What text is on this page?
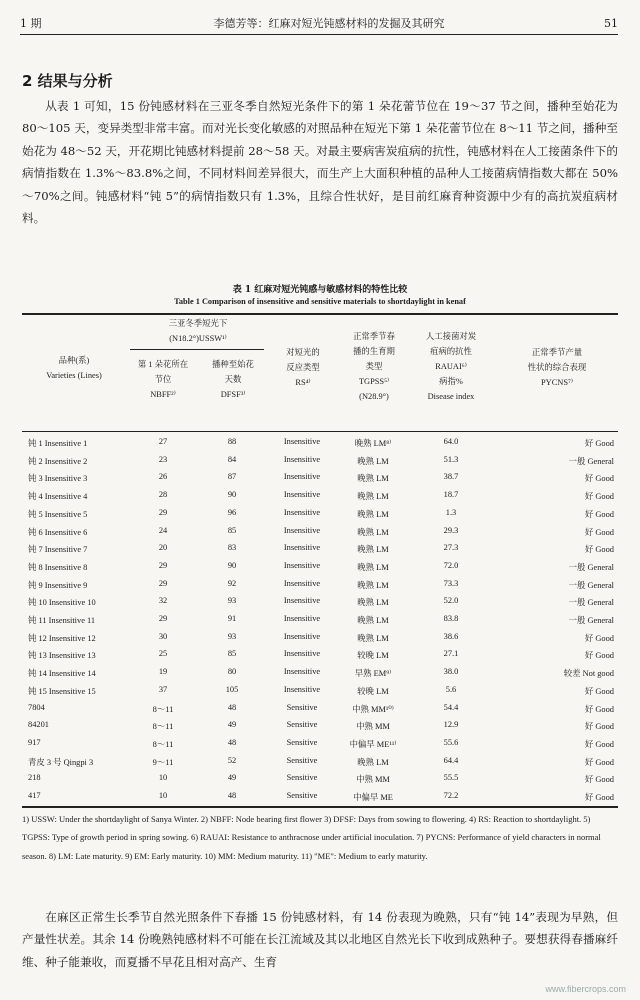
1 期	李德芳等：红麻对短光钝感材料的发掘及其研究	51
2 结果与分析
从表 1 可知，15 份钝感材料在三亚冬季自然短光条件下的第 1 朵花蕾节位在 19～37 节之间，播种至始花为 80～105 天，变异类型非常丰富。而对光长变化敏感的对照品种在短光下第 1 朵花蕾节位在 8～11 节之间，播种至始花为 48～52 天，开花期比钝感材料提前 28～58 天。对最主要病害炭疽病的抗性，钝感材料在人工接菌条件下的病情指数在 1.3%～83.8%之间，不同材料间差异很大，而生产上大面积种植的品种人工接菌病情指数大都在 50%～70%之间。钝感材料“钝 5”的病情指数只有 1.3%，且综合性状好，是目前红麻育种资源中少有的高抗炭疽病材料。
表 1 红麻对短光钝感与敏感材料的特性比较
Table 1 Comparison of insensitive and sensitive materials to shortdaylight in kenaf
品种(系)
Varieties (Lines)
三亚冬季短光下
(N18.2°)USSW¹⁾
第 1 朵花所在
节位
NBFF²⁾
播种至始花
天数
DFSF³⁾
对短光的
反应类型
RS⁴⁾
正常季节春
播的生育期
类型
TGPSS⁵⁾
(N28.9°)
人工接菌对炭
疽病的抗性
RAUAI⁶⁾
病指%
Disease index
正常季节产量
性状的综合表现
PYCNS⁷⁾
钝 1 Insensitive 1	27	88	Insensitive	晚熟 LM⁸⁾	64.0	好 Good
钝 2 Insensitive 2	23	84	Insensitive	晚熟 LM	51.3	一般 General
钝 3 Insensitive 3	26	87	Insensitive	晚熟 LM	38.7	好 Good
钝 4 Insensitive 4	28	90	Insensitive	晚熟 LM	18.7	好 Good
钝 5 Insensitive 5	29	96	Insensitive	晚熟 LM	1.3	好 Good
钝 6 Insensitive 6	24	85	Insensitive	晚熟 LM	29.3	好 Good
钝 7 Insensitive 7	20	83	Insensitive	晚熟 LM	27.3	好 Good
钝 8 Insensitive 8	29	90	Insensitive	晚熟 LM	72.0	一般 General
钝 9 Insensitive 9	29	92	Insensitive	晚熟 LM	73.3	一般 General
钝 10 Insensitive 10	32	93	Insensitive	晚熟 LM	52.0	一般 General
钝 11 Insensitive 11	29	91	Insensitive	晚熟 LM	83.8	一般 General
钝 12 Insensitive 12	30	93	Insensitive	晚熟 LM	38.6	好 Good
钝 13 Insensitive 13	25	85	Insensitive	较晚 LM	27.1	好 Good
钝 14 Insensitive 14	19	80	Insensitive	早熟 EM⁹⁾	38.0	较差 Not good
钝 15 Insensitive 15	37	105	Insensitive	较晚 LM	5.6	好 Good
7804	8～11	48	Sensitive	中熟 MM¹⁰⁾	54.4	好 Good
84201	8～11	49	Sensitive	中熟 MM	12.9	好 Good
917	8～11	48	Sensitive	中偏早 ME¹¹⁾	55.6	好 Good
青皮 3 号 Qingpi 3	9～11	52	Sensitive	晚熟 LM	64.4	好 Good
218	10	49	Sensitive	中熟 MM	55.5	好 Good
417	10	48	Sensitive	中偏早 ME	72.2	好 Good
1) USSW: Under the shortdaylight of Sanya Winter. 2) NBFF: Node bearing first flower 3) DFSF: Days from sowing to flowering. 4) RS: Reaction to shortdaylight. 5) TGPSS: Type of growth period in spring sowing. 6) RAUAI: Resistance to anthracnose under artificial inoculation. 7) PYCNS: Performance of yield characters in normal season. 8) LM: Late maturity. 9) EM: Early maturity. 10) MM: Medium maturity. 11) "ME": Medium to early maturity.
在麻区正常生长季节自然光照条件下春播 15 份钝感材料，有 14 份表现为晚熟，只有“钝 14”表现为早熟，但产量性状差。其余 14 份晚熟钝感材料不可能在长江流域及其以北地区自然光长下收到成熟种子。要想获得春播麻纤维、种子能兼收，而夏播不早花且相对高产、生育
www.fibercrops.com
